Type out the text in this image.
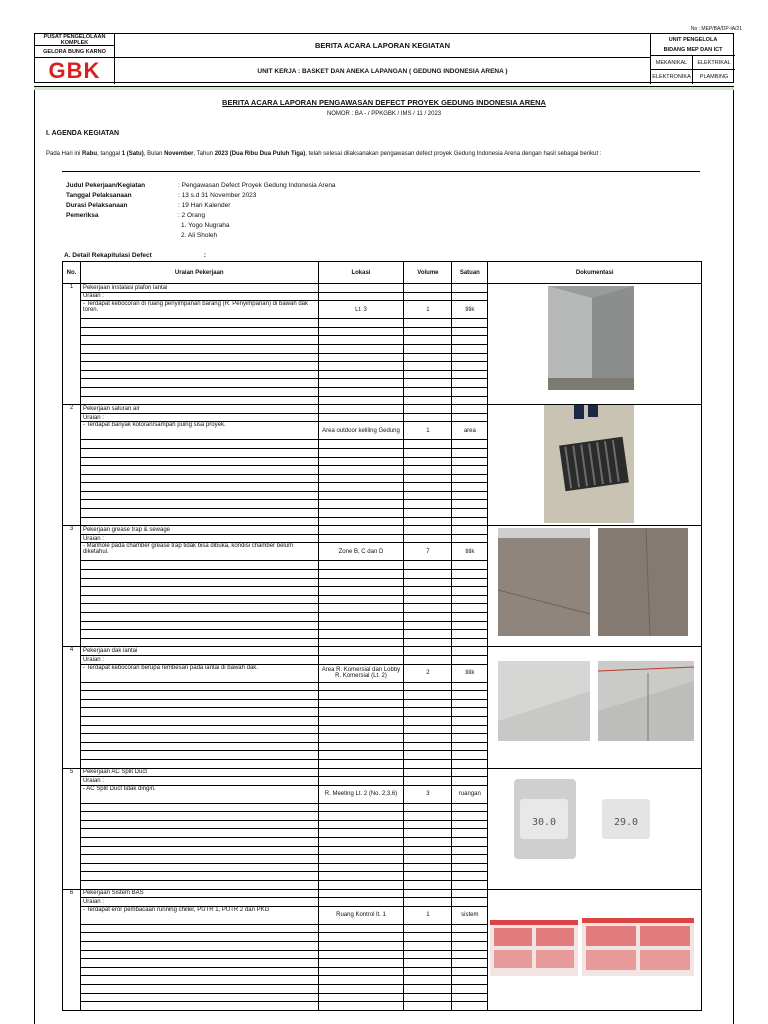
No : MEP/BA/DP-IA/21
PUSAT PENGELOLAAN KOMPLEK
GELORA BUNG KARNO
GBK
BERITA ACARA LAPORAN KEGIATAN
UNIT KERJA : BASKET DAN ANEKA LAPANGAN ( GEDUNG INDONESIA ARENA )
UNIT PENGELOLA
BIDANG MEP DAN ICT
MEKANIKAL	ELEKTRIKAL
ELEKTRONIKA	PLAMBING
BERITA ACARA LAPORAN PENGAWASAN DEFECT PROYEK GEDUNG INDONESIA ARENA
NOMOR : BA - / PPKGBK / IMS / 11 / 2023
I. AGENDA KEGIATAN
Pada Hari ini Rabu, tanggal 1 (Satu), Bulan November, Tahun 2023 (Dua Ribu Dua Puluh Tiga), telah selesai dilaksanakan pengawasan defect proyek Gedung Indonesia Arena dengan hasil sebagai berikut :
Judul Pekerjaan/Kegiatan	: Pengawasan Defect Proyek Gedung Indonesia Arena
Tanggal Pelaksanaan	: 13 s.d 31 November 2023
Durasi Pelaksanaan	: 19 Hari Kalender
Pemeriksa	: 2 Orang
1. Yogo Nugraha
2. Ali Sholeh
A. Detail Rekapitulasi Defect	:
No.	Uraian Pekerjaan	Lokasi	Volume	Satuan	Dokumentasi
1	Pekerjaan instalasi plafon lantai				

	Uraian :				
	- Terdapat kebocoran di ruang penyimpanan barang (R. Penyimpanan) di bawah dak toren.	Lt. 3	1	titik	

2	Pekerjaan saluran air				

	Uraian :				
	- Terdapat banyak kotoran/sampah puing sisa proyek.	Area outdoor keliling Gedung	1	area	

3	Pekerjaan grease trap & sewage				

	Uraian :				
	- Manhole pada chamber grease trap tidak bisa dibuka, kondisi chamber belum diketahui.	Zone B, C dan D	7	titik	

4	Pekerjaan dak lantai				

	Uraian :				
	- Terdapat kebocoran berupa rembesan pada lantai di bawah dak.	Area R. Komersial dan Lobby R. Komersial (Lt. 2)	2	titik	

5	Pekerjaan AC Split Duct				30.0 29.0

	Uraian :				
	- AC Split Duct tidak dingin.	R. Meeting Lt. 2 (No. 2,3,6)	3	ruangan	

6	Pekerjaan Sistem BAS				

	Uraian :				
	- Terdapat eror pembacaan running chiller, PUTR 1, PUTR 2 dan PKG	Ruang Kontrol lt. 1	1	sistem	
